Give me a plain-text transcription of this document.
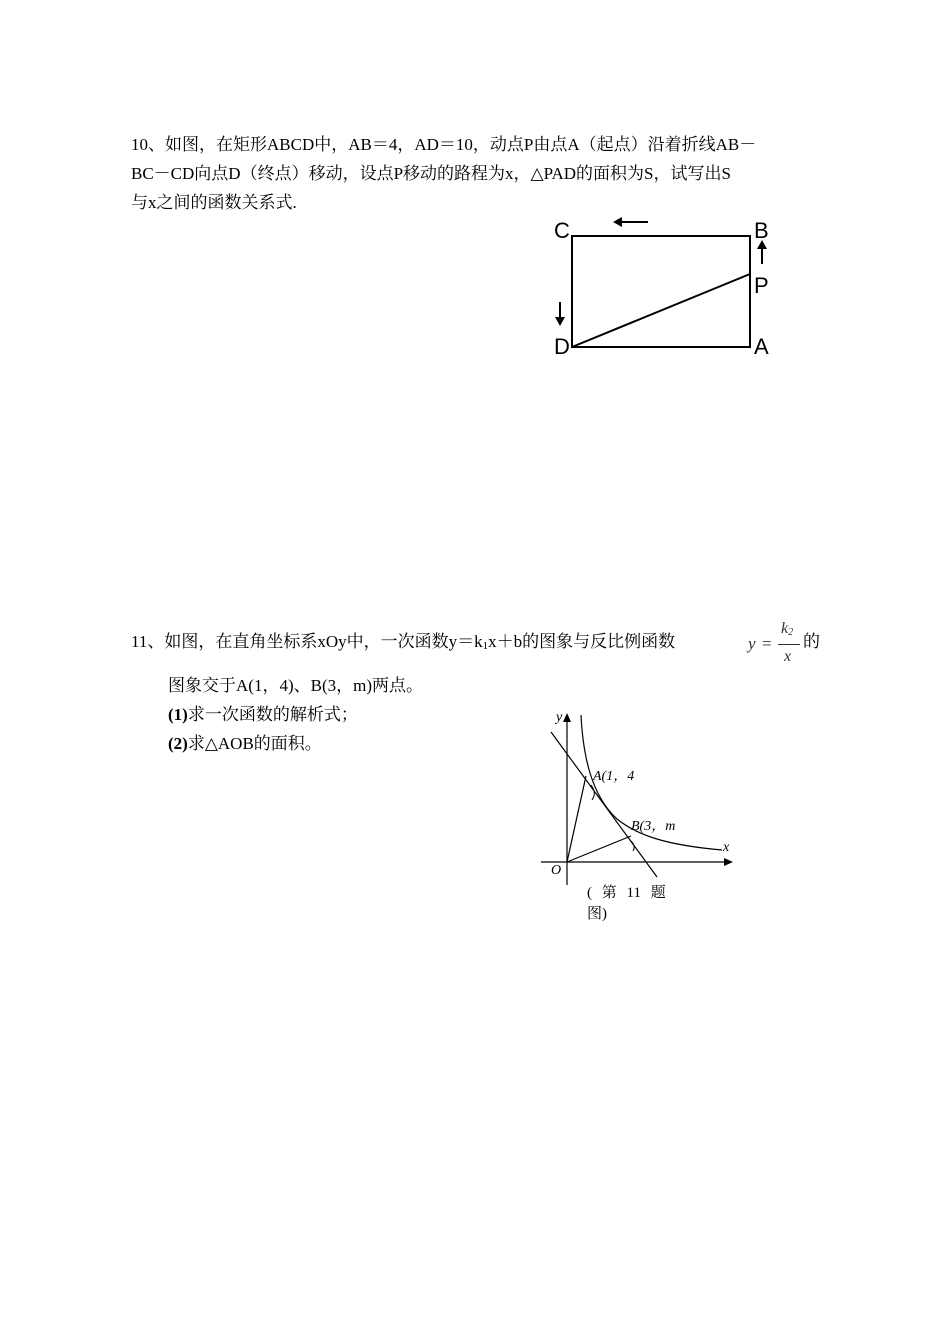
10、如图，在矩形ABCD中，AB＝4，AD＝10，动点P由点A（起点）沿着折线AB－
BC－CD向点D（终点）移动，设点P移动的路程为x，△PAD的面积为S，试写出S
与x之间的函数关系式.
C	B
P
D	A
11、如图，在直角坐标系xOy中，一次函数$y=k_1x+b$的图象与反比例函数	y =
$k_2$
x
的
图象交于A(1，4)、B(3，m)两点。
(1)求一次函数的解析式；
(2)求△AOB的面积。
y
x
O
A(1，4
B(3，m
( 第 11 题
图)
